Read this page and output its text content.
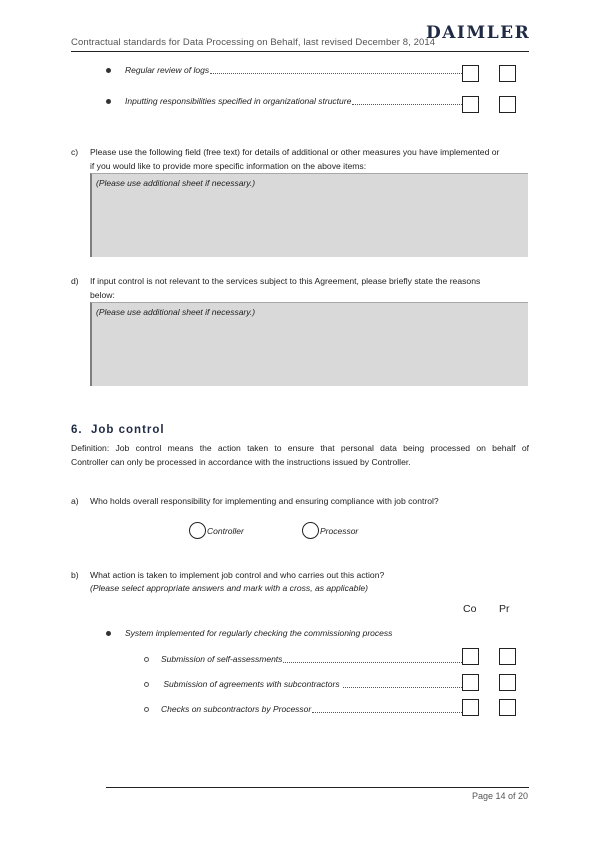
Contractual standards for Data Processing on Behalf, last revised December 8, 2014
DAIMLER
Regular review of logs
Inputting responsibilities specified in organizational structure
c) Please use the following field (free text) for details of additional or other measures you have implemented or
if you would like to provide more specific information on the above items:
(Please use additional sheet if necessary.)
d) If input control is not relevant to the services subject to this Agreement, please briefly state the reasons
below:
(Please use additional sheet if necessary.)
6.  Job control
Definition: Job control means the action taken to ensure that personal data being processed on behalf of
Controller can only be processed in accordance with the instructions issued by Controller.
a) Who holds overall responsibility for implementing and ensuring compliance with job control?
Controller	Processor
b) What action is taken to implement job control and who carries out this action?
(Please select appropriate answers and mark with a cross, as applicable)
Co Pr
System implemented for regularly checking the commissioning process
Submission of self-assessments
Submission of agreements with subcontractors
Checks on subcontractors by Processor
Page 14 of 20
